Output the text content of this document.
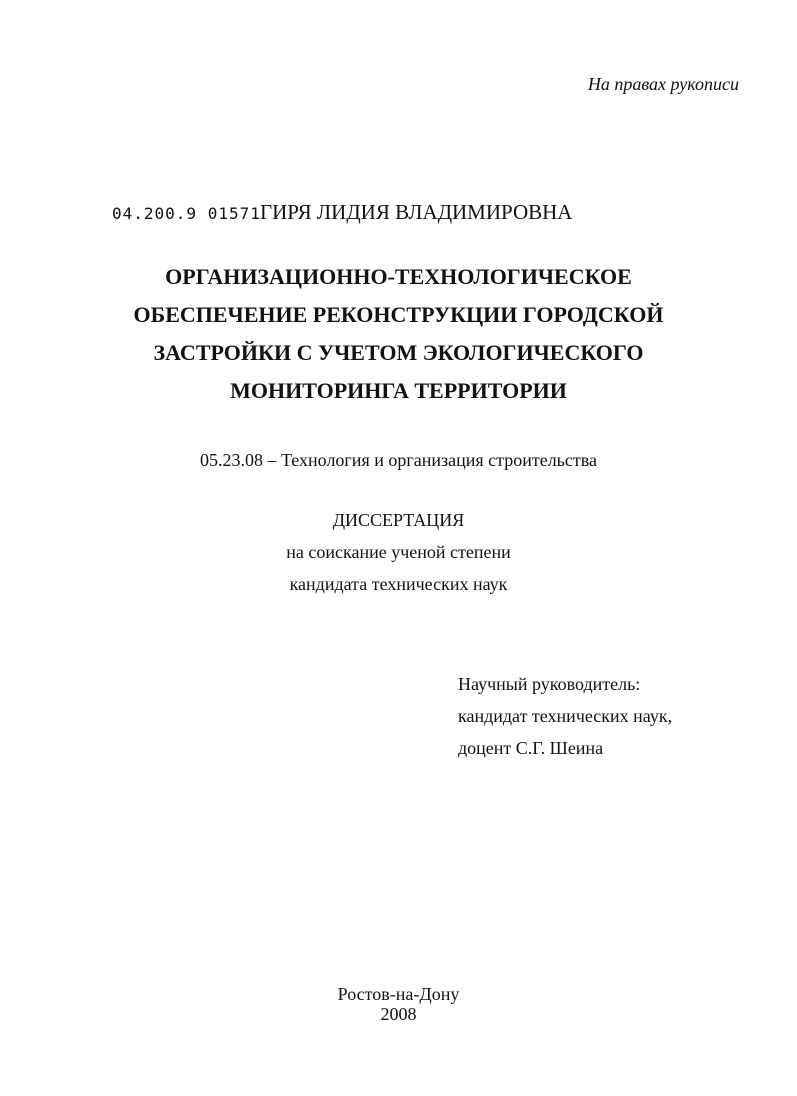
На правах рукописи
04.200.9 01571 ГИРЯ ЛИДИЯ ВЛАДИМИРОВНА
ОРГАНИЗАЦИОННО-ТЕХНОЛОГИЧЕСКОЕ
ОБЕСПЕЧЕНИЕ РЕКОНСТРУКЦИИ ГОРОДСКОЙ
ЗАСТРОЙКИ С УЧЕТОМ ЭКОЛОГИЧЕСКОГО
МОНИТОРИНГА ТЕРРИТОРИИ
05.23.08 – Технология и организация строительства
ДИССЕРТАЦИЯ
на соискание ученой степени
кандидата технических наук
Научный руководитель:
кандидат технических наук,
доцент С.Г. Шеина
Ростов-на-Дону
2008
